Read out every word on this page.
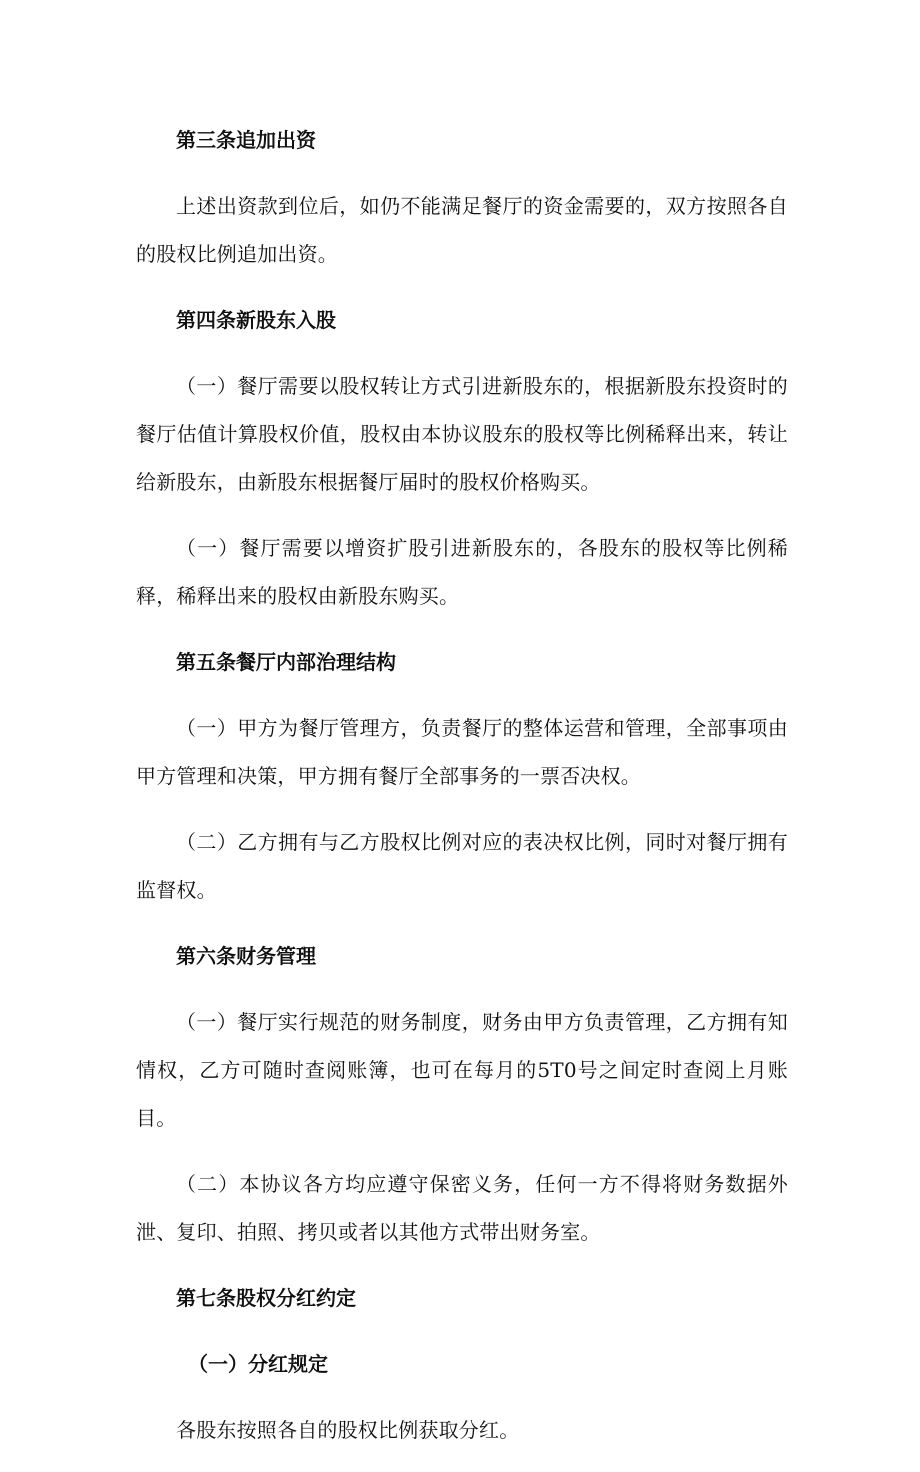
第三条追加出资

上述出资款到位后，如仍不能满足餐厅的资金需要的，双方按照各自的股权比例追加出资。

第四条新股东入股

（一）餐厅需要以股权转让方式引进新股东的，根据新股东投资时的餐厅估值计算股权价值，股权由本协议股东的股权等比例稀释出来，转让给新股东，由新股东根据餐厅届时的股权价格购买。

（一）餐厅需要以增资扩股引进新股东的，各股东的股权等比例稀释，稀释出来的股权由新股东购买。

第五条餐厅内部治理结构

（一）甲方为餐厅管理方，负责餐厅的整体运营和管理，全部事项由甲方管理和决策，甲方拥有餐厅全部事务的一票否决权。

（二）乙方拥有与乙方股权比例对应的表决权比例，同时对餐厅拥有监督权。

第六条财务管理

（一）餐厅实行规范的财务制度，财务由甲方负责管理，乙方拥有知情权，乙方可随时查阅账簿，也可在每月的5T0号之间定时查阅上月账目。

（二）本协议各方均应遵守保密义务，任何一方不得将财务数据外泄、复印、拍照、拷贝或者以其他方式带出财务室。

第七条股权分红约定

（一）分红规定

各股东按照各自的股权比例获取分红。
